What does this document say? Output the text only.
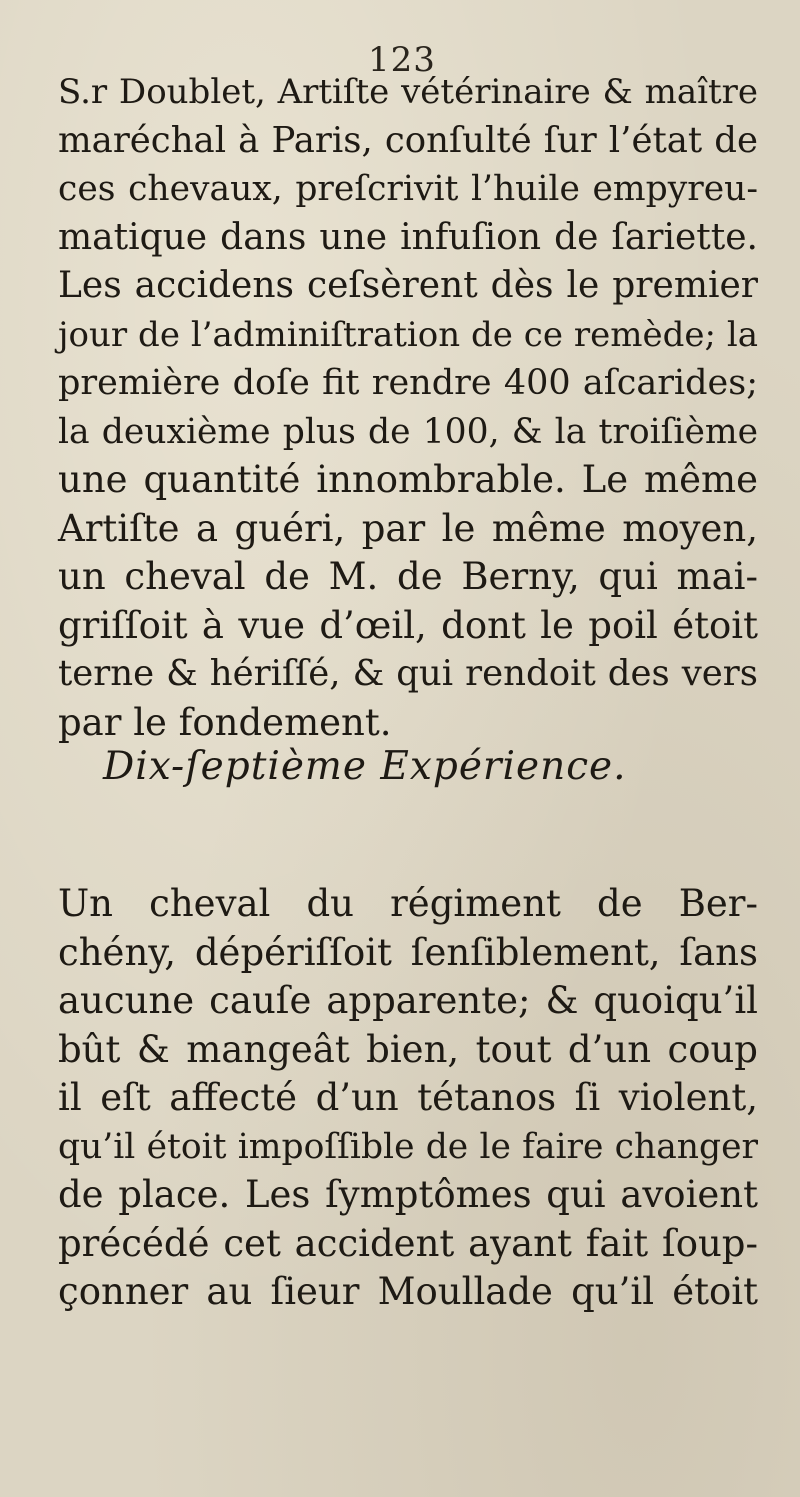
123
S.r Doublet, Artiſte vétérinaire & maître
maréchal à Paris, conſulté ſur l’état de
ces chevaux, preſcrivit l’huile empyreu-
matique dans une infuſion de ſariette.
Les accidens ceſsèrent dès le premier
jour de l’adminiſtration de ce remède; la
première doſe fit rendre 400 aſcarides;
la deuxième plus de 100, & la troiſième
une quantité innombrable. Le même
Artiſte a guéri, par le même moyen,
un cheval de M. de Berny, qui mai-
griſſoit à vue d’œil, dont le poil étoit
terne & hériſſé, & qui rendoit des vers
par le fondement.
Dix-ſeptième Expérience.
Un cheval du régiment de Ber-
chény, dépériſſoit ſenſiblement, ſans
aucune cauſe apparente; & quoiqu’il
bût & mangeât bien, tout d’un coup
il eſt affecté d’un tétanos ſi violent,
qu’il étoit impoſſible de le faire changer
de place. Les ſymptômes qui avoient
précédé cet accident ayant fait ſoup-
çonner au ſieur Moullade qu’il étoit
